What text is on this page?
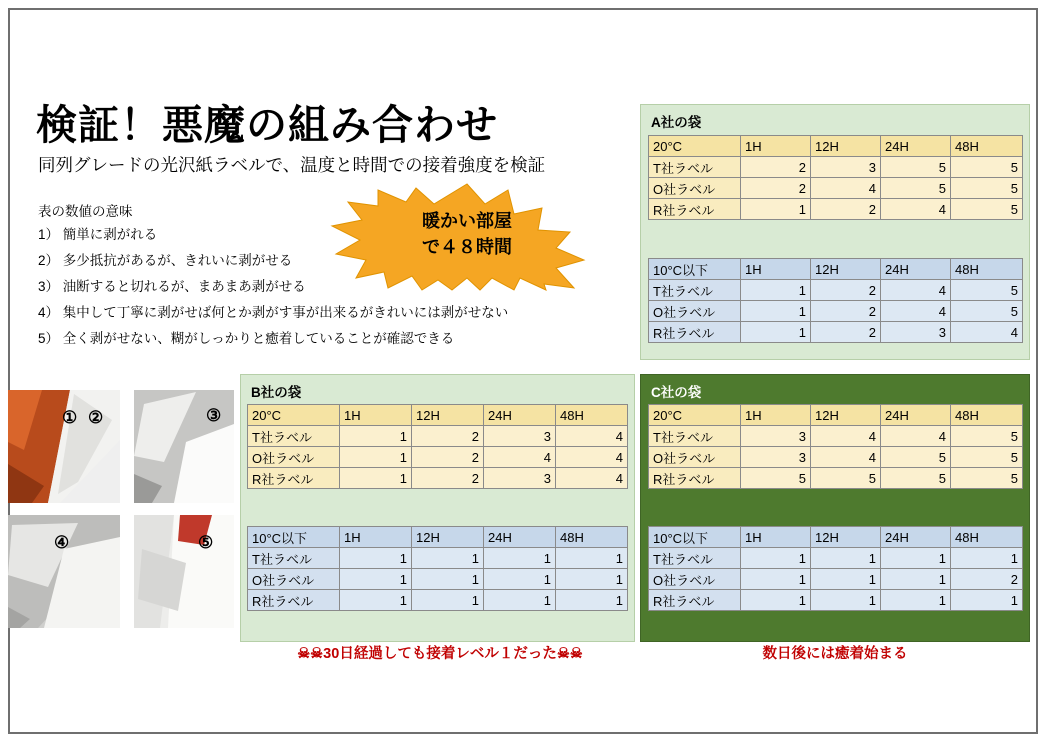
検証！悪魔の組み合わせ
同列グレードの光沢紙ラベルで、温度と時間での接着強度を検証
表の数値の意味
1） 簡単に剥がれる
2） 多少抵抗があるが、きれいに剥がせる
3） 油断すると切れるが、まあまあ剥がせる
4） 集中して丁寧に剥がせば何とか剥がす事が出来るがきれいには剥がせない
5） 全く剥がせない、糊がしっかりと癒着していることが確認できる
暖かい部屋
で４８時間
A社の袋
20°C	1H	12H	24H	48H
T社ラベル	2	3	5	5
O社ラベル	2	4	5	5
R社ラベル	1	2	4	5
10°C以下	1H	12H	24H	48H
T社ラベル	1	2	4	5
O社ラベル	1	2	4	5
R社ラベル	1	2	3	4
B社の袋
20°C	1H	12H	24H	48H
T社ラベル	1	2	3	4
O社ラベル	1	2	4	4
R社ラベル	1	2	3	4
10°C以下	1H	12H	24H	48H
T社ラベル	1	1	1	1
O社ラベル	1	1	1	1
R社ラベル	1	1	1	1
C社の袋
20°C	1H	12H	24H	48H
T社ラベル	3	4	4	5
O社ラベル	3	4	5	5
R社ラベル	5	5	5	5
10°C以下	1H	12H	24H	48H
T社ラベル	1	1	1	1
O社ラベル	1	1	1	2
R社ラベル	1	1	1	1
① ②	③
④	⑤
☠☠30日経過しても接着レベル１だった☠☠	数日後には癒着始まる
